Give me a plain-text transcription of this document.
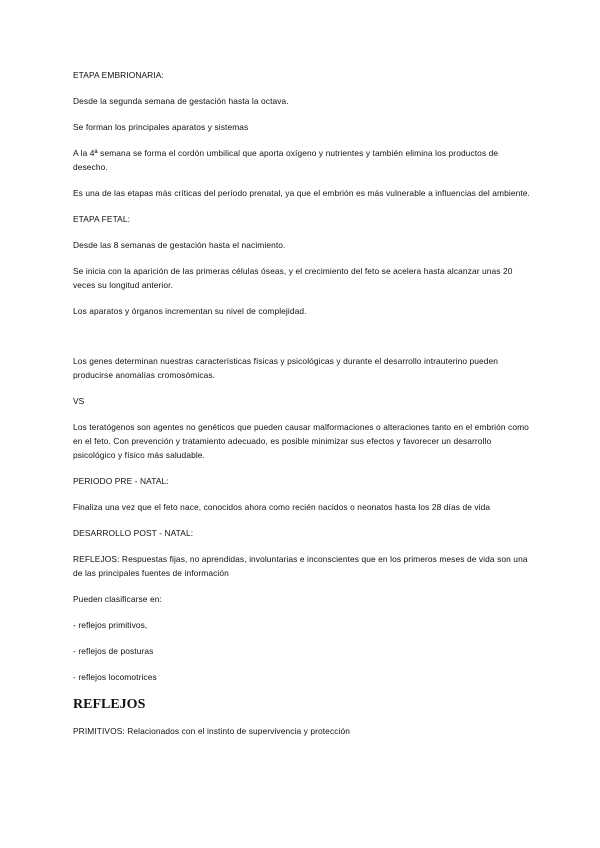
ETAPA EMBRIONARIA:

Desde la segunda semana de gestación hasta la octava.

Se forman los principales aparatos y sistemas

A la 4ª semana se forma el cordón umbilical que aporta oxígeno y nutrientes y también elimina los productos de desecho.

Es una de las etapas más críticas del período prenatal, ya que el embrión es más vulnerable a influencias del ambiente.

ETAPA FETAL:

Desde las 8 semanas de gestación hasta el nacimiento.

Se inicia con la aparición de las primeras células óseas, y el crecimiento del feto se acelera hasta alcanzar unas 20 veces su longitud anterior.

Los aparatos y órganos incrementan su nivel de complejidad.

Los genes determinan nuestras características físicas y psicológicas y durante el desarrollo intrauterino pueden producirse anomalías cromosómicas.

VS

Los teratógenos son agentes no genéticos que pueden causar malformaciones o alteraciones tanto en el embrión como en el feto. Con prevención y tratamiento adecuado, es posible minimizar sus efectos y favorecer un desarrollo psicológico y físico más saludable.

PERIODO PRE - NATAL:

Finaliza una vez que el feto nace, conocidos ahora como recién nacidos o neonatos hasta los 28 días de vida

DESARROLLO POST - NATAL:

REFLEJOS: Respuestas fijas, no aprendidas, involuntarias e inconscientes que en los primeros meses de vida son una de las principales fuentes de información

Pueden clasificarse en:

- reflejos primitivos,

- reflejos de posturas

- reflejos locomotrices

REFLEJOS

PRIMITIVOS: Relacionados con el instinto de supervivencia y protección
